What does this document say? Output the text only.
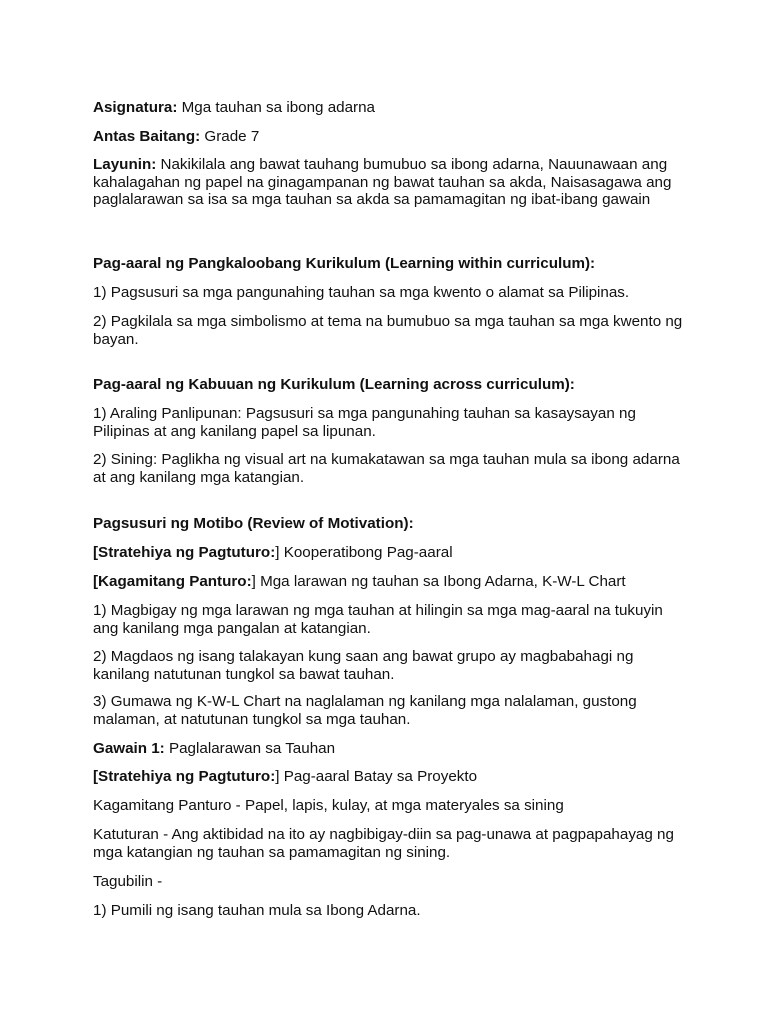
Asignatura: Mga tauhan sa ibong adarna

Antas Baitang: Grade 7

Layunin: Nakikilala ang bawat tauhang bumubuo sa ibong adarna, Nauunawaan ang kahalagahan ng papel na ginagampanan ng bawat tauhan sa akda, Naisasagawa ang paglalarawan sa isa sa mga tauhan sa akda sa pamamagitan ng ibat-ibang gawain

Pag-aaral ng Pangkaloobang Kurikulum (Learning within curriculum):

1) Pagsusuri sa mga pangunahing tauhan sa mga kwento o alamat sa Pilipinas.

2) Pagkilala sa mga simbolismo at tema na bumubuo sa mga tauhan sa mga kwento ng bayan.

Pag-aaral ng Kabuuan ng Kurikulum (Learning across curriculum):

1) Araling Panlipunan: Pagsusuri sa mga pangunahing tauhan sa kasaysayan ng Pilipinas at ang kanilang papel sa lipunan.

2) Sining: Paglikha ng visual art na kumakatawan sa mga tauhan mula sa ibong adarna at ang kanilang mga katangian.

Pagsusuri ng Motibo (Review of Motivation):

[Stratehiya ng Pagtuturo:] Kooperatibong Pag-aaral

[Kagamitang Panturo:] Mga larawan ng tauhan sa Ibong Adarna, K-W-L Chart

1) Magbigay ng mga larawan ng mga tauhan at hilingin sa mga mag-aaral na tukuyin ang kanilang mga pangalan at katangian.

2) Magdaos ng isang talakayan kung saan ang bawat grupo ay magbabahagi ng kanilang natutunan tungkol sa bawat tauhan.

3) Gumawa ng K-W-L Chart na naglalaman ng kanilang mga nalalaman, gustong malaman, at natutunan tungkol sa mga tauhan.

Gawain 1: Paglalarawan sa Tauhan

[Stratehiya ng Pagtuturo:] Pag-aaral Batay sa Proyekto

Kagamitang Panturo - Papel, lapis, kulay, at mga materyales sa sining

Katuturan - Ang aktibidad na ito ay nagbibigay-diin sa pag-unawa at pagpapahayag ng mga katangian ng tauhan sa pamamagitan ng sining.

Tagubilin -

1) Pumili ng isang tauhan mula sa Ibong Adarna.
